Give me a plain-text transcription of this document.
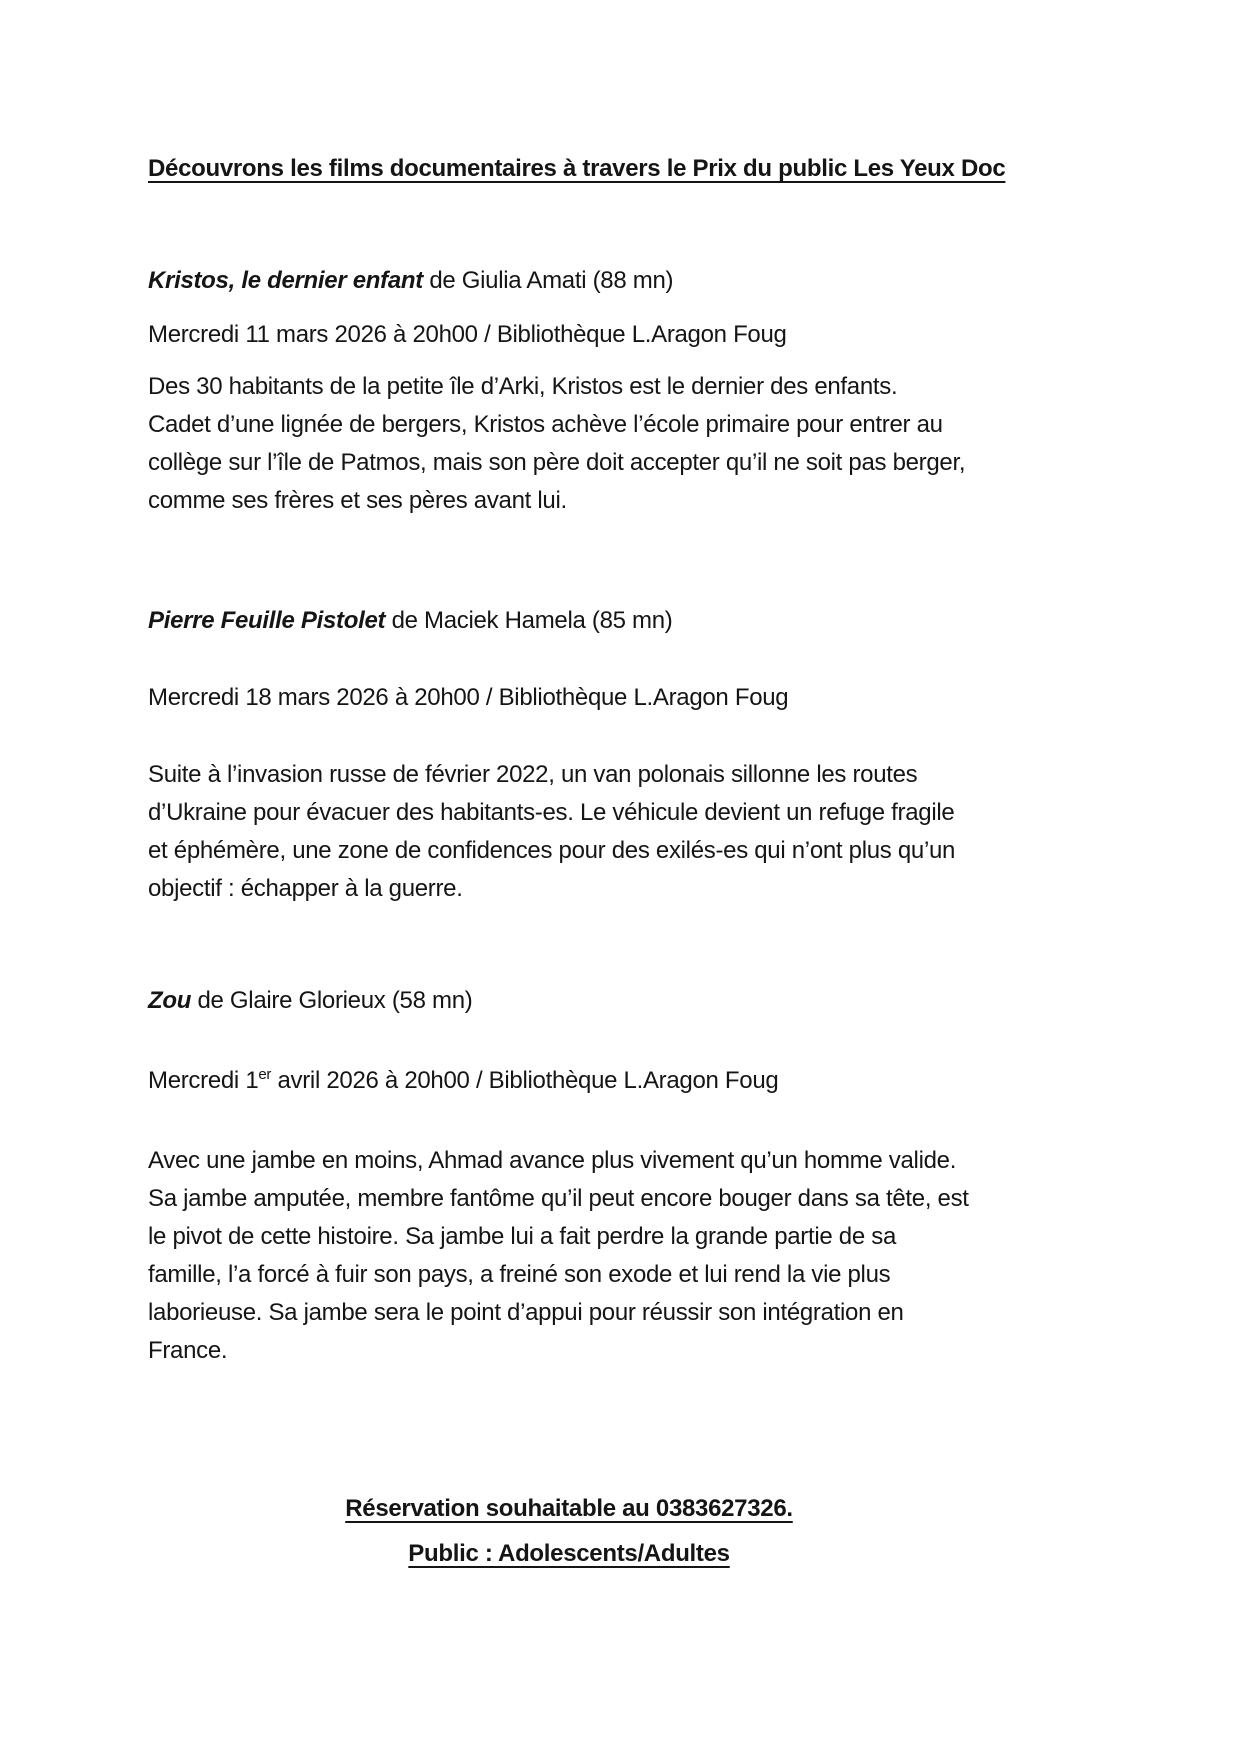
Découvrons les films documentaires à travers le Prix du public Les Yeux Doc
Kristos, le dernier enfant de Giulia Amati (88 mn)
Mercredi 11 mars 2026 à 20h00 / Bibliothèque L.Aragon Foug
Des 30 habitants de la petite île d’Arki, Kristos est le dernier des enfants.
Cadet d’une lignée de bergers, Kristos achève l’école primaire pour entrer au
collège sur l’île de Patmos, mais son père doit accepter qu’il ne soit pas berger,
comme ses frères et ses pères avant lui.
Pierre Feuille Pistolet de Maciek Hamela (85 mn)
Mercredi 18 mars 2026 à 20h00 / Bibliothèque L.Aragon Foug
Suite à l’invasion russe de février 2022, un van polonais sillonne les routes
d’Ukraine pour évacuer des habitants-es. Le véhicule devient un refuge fragile
et éphémère, une zone de confidences pour des exilés-es qui n’ont plus qu’un
objectif : échapper à la guerre.
Zou de Glaire Glorieux (58 mn)
Mercredi 1er avril 2026 à 20h00 / Bibliothèque L.Aragon Foug
Avec une jambe en moins, Ahmad avance plus vivement qu’un homme valide.
Sa jambe amputée, membre fantôme qu’il peut encore bouger dans sa tête, est
le pivot de cette histoire. Sa jambe lui a fait perdre la grande partie de sa
famille, l’a forcé à fuir son pays, a freiné son exode et lui rend la vie plus
laborieuse. Sa jambe sera le point d’appui pour réussir son intégration en
France.
Réservation souhaitable au 0383627326.
Public : Adolescents/Adultes
